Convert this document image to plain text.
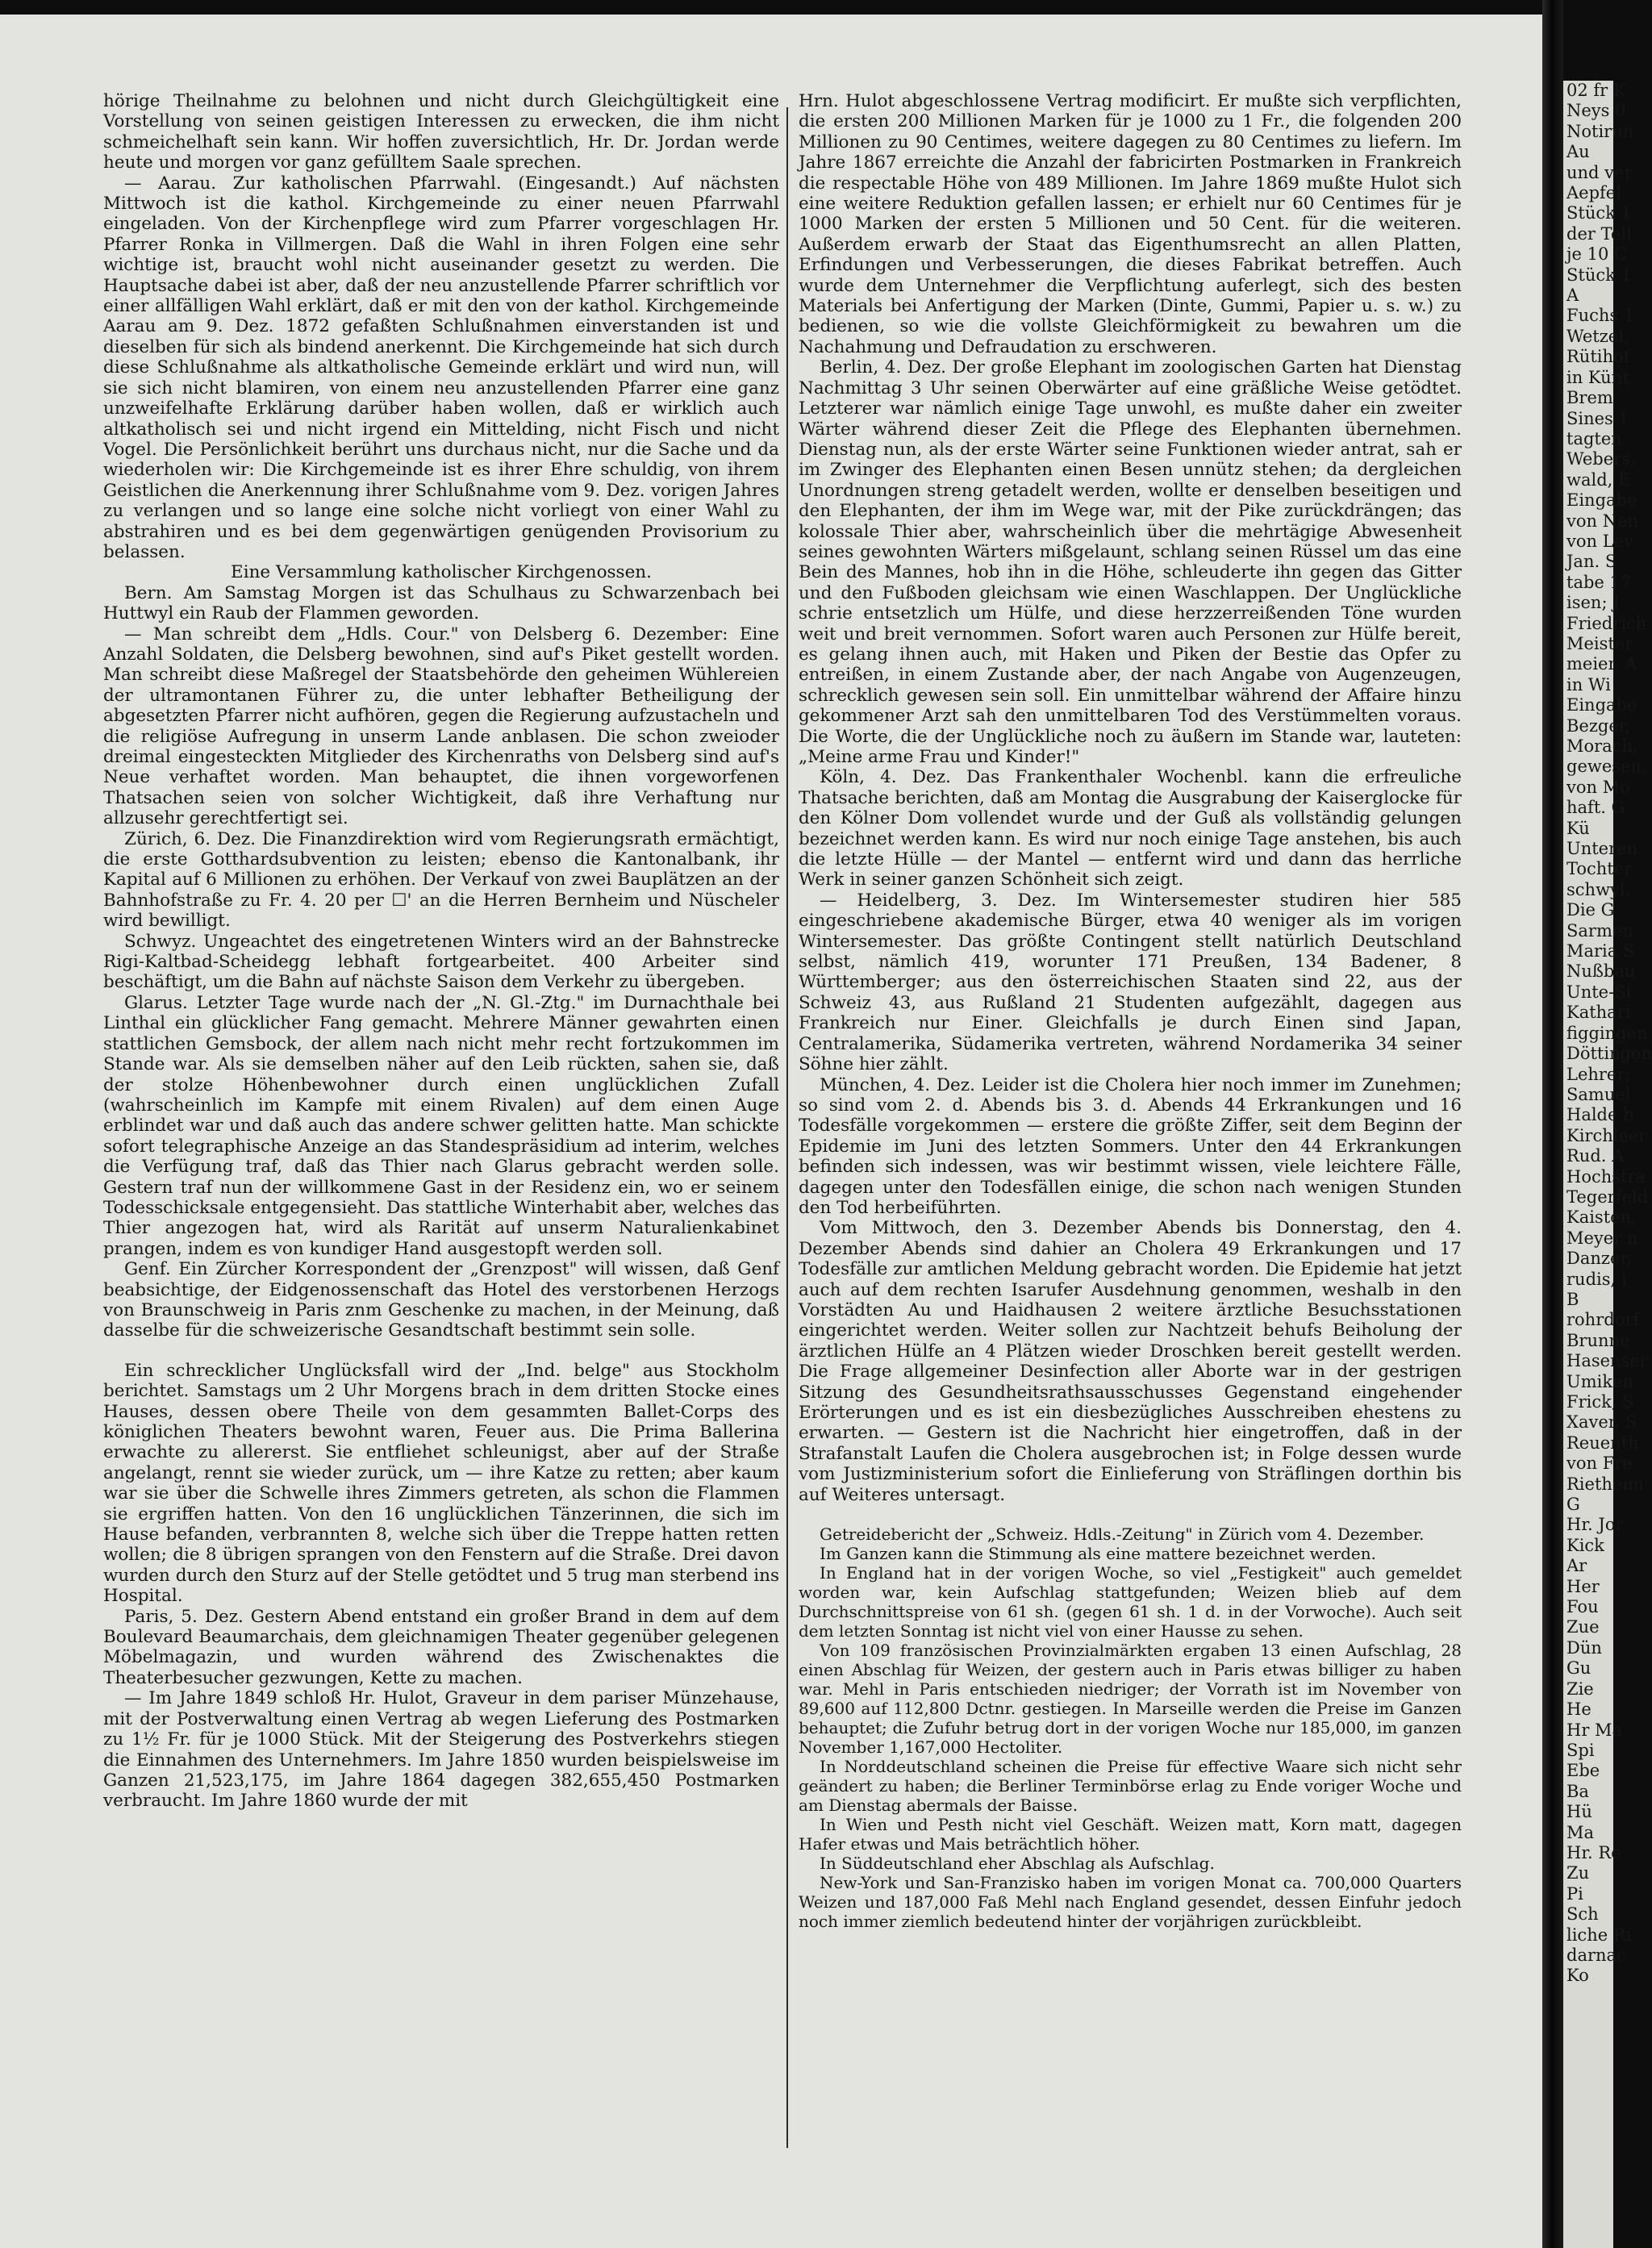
hörige Theilnahme zu belohnen und nicht durch Gleichgültigkeit eine Vorstellung von seinen geistigen Interessen zu erwecken, die ihm nicht schmeichelhaft sein kann. Wir hoffen zuversichtlich, Hr. Dr. Jordan werde heute und morgen vor ganz gefülltem Saale sprechen.

— Aarau. Zur katholischen Pfarrwahl. (Eingesandt.) Auf nächsten Mittwoch ist die kathol. Kirchgemeinde zu einer neuen Pfarrwahl eingeladen. Von der Kirchenpflege wird zum Pfarrer vorgeschlagen Hr. Pfarrer Ronka in Villmergen. Daß die Wahl in ihren Folgen eine sehr wichtige ist, braucht wohl nicht auseinander gesetzt zu werden. Die Hauptsache dabei ist aber, daß der neu anzustellende Pfarrer schriftlich vor einer allfälligen Wahl erklärt, daß er mit den von der kathol. Kirchgemeinde Aarau am 9. Dez. 1872 gefaßten Schlußnahmen einverstanden ist und dieselben für sich als bindend anerkennt. Die Kirchgemeinde hat sich durch diese Schlußnahme als altkatholische Gemeinde erklärt und wird nun, will sie sich nicht blamiren, von einem neu anzustellenden Pfarrer eine ganz unzweifelhafte Erklärung darüber haben wollen, daß er wirklich auch altkatholisch sei und nicht irgend ein Mittelding, nicht Fisch und nicht Vogel. Die Persönlichkeit berührt uns durchaus nicht, nur die Sache und da wiederholen wir: Die Kirchgemeinde ist es ihrer Ehre schuldig, von ihrem Geistlichen die Anerkennung ihrer Schlußnahme vom 9. Dez. vorigen Jahres zu verlangen und so lange eine solche nicht vorliegt von einer Wahl zu abstrahiren und es bei dem gegenwärtigen genügenden Provisorium zu belassen.

Eine Versammlung katholischer Kirchgenossen.

Bern. Am Samstag Morgen ist das Schulhaus zu Schwarzenbach bei Huttwyl ein Raub der Flammen geworden.

— Man schreibt dem „Hdls. Cour." von Delsberg 6. Dezember: Eine Anzahl Soldaten, die Delsberg bewohnen, sind auf's Piket gestellt worden. Man schreibt diese Maßregel der Staatsbehörde den geheimen Wühlereien der ultramontanen Führer zu, die unter lebhafter Betheiligung der abgesetzten Pfarrer nicht aufhören, gegen die Regierung aufzustacheln und die religiöse Aufregung in unserm Lande anblasen. Die schon zweioder dreimal eingesteckten Mitglieder des Kirchenraths von Delsberg sind auf's Neue verhaftet worden. Man behauptet, die ihnen vorgeworfenen Thatsachen seien von solcher Wichtigkeit, daß ihre Verhaftung nur allzusehr gerechtfertigt sei.

Zürich, 6. Dez. Die Finanzdirektion wird vom Regierungsrath ermächtigt, die erste Gotthardsubvention zu leisten; ebenso die Kantonalbank, ihr Kapital auf 6 Millionen zu erhöhen. Der Verkauf von zwei Bauplätzen an der Bahnhofstraße zu Fr. 4. 20 per ☐' an die Herren Bernheim und Nüscheler wird bewilligt.

Schwyz. Ungeachtet des eingetretenen Winters wird an der Bahnstrecke Rigi-Kaltbad-Scheidegg lebhaft fortgearbeitet. 400 Arbeiter sind beschäftigt, um die Bahn auf nächste Saison dem Verkehr zu übergeben.

Glarus. Letzter Tage wurde nach der „N. Gl.-Ztg." im Durnachthale bei Linthal ein glücklicher Fang gemacht. Mehrere Männer gewahrten einen stattlichen Gemsbock, der allem nach nicht mehr recht fortzukommen im Stande war. Als sie demselben näher auf den Leib rückten, sahen sie, daß der stolze Höhenbewohner durch einen unglücklichen Zufall (wahrscheinlich im Kampfe mit einem Rivalen) auf dem einen Auge erblindet war und daß auch das andere schwer gelitten hatte. Man schickte sofort telegraphische Anzeige an das Standespräsidium ad interim, welches die Verfügung traf, daß das Thier nach Glarus gebracht werden solle. Gestern traf nun der willkommene Gast in der Residenz ein, wo er seinem Todesschicksale entgegensieht. Das stattliche Winterhabit aber, welches das Thier angezogen hat, wird als Rarität auf unserm Naturalienkabinet prangen, indem es von kundiger Hand ausgestopft werden soll.

Genf. Ein Zürcher Korrespondent der „Grenzpost" will wissen, daß Genf beabsichtige, der Eidgenossenschaft das Hotel des verstorbenen Herzogs von Braunschweig in Paris znm Geschenke zu machen, in der Meinung, daß dasselbe für die schweizerische Gesandtschaft bestimmt sein solle.

Ein schrecklicher Unglücksfall wird der „Ind. belge" aus Stockholm berichtet. Samstags um 2 Uhr Morgens brach in dem dritten Stocke eines Hauses, dessen obere Theile von dem gesammten Ballet-Corps des königlichen Theaters bewohnt waren, Feuer aus. Die Prima Ballerina erwachte zu allererst. Sie entfliehet schleunigst, aber auf der Straße angelangt, rennt sie wieder zurück, um — ihre Katze zu retten; aber kaum war sie über die Schwelle ihres Zimmers getreten, als schon die Flammen sie ergriffen hatten. Von den 16 unglücklichen Tänzerinnen, die sich im Hause befanden, verbrannten 8, welche sich über die Treppe hatten retten wollen; die 8 übrigen sprangen von den Fenstern auf die Straße. Drei davon wurden durch den Sturz auf der Stelle getödtet und 5 trug man sterbend ins Hospital.

Paris, 5. Dez. Gestern Abend entstand ein großer Brand in dem auf dem Boulevard Beaumarchais, dem gleichnamigen Theater gegenüber gelegenen Möbelmagazin, und wurden während des Zwischenaktes die Theaterbesucher gezwungen, Kette zu machen.

— Im Jahre 1849 schloß Hr. Hulot, Graveur in dem pariser Münzehause, mit der Postverwaltung einen Vertrag ab wegen Lieferung des Postmarken zu 1½ Fr. für je 1000 Stück. Mit der Steigerung des Postverkehrs stiegen die Einnahmen des Unternehmers. Im Jahre 1850 wurden beispielsweise im Ganzen 21,523,175, im Jahre 1864 dagegen 382,655,450 Postmarken verbraucht. Im Jahre 1860 wurde der mit

Hrn. Hulot abgeschlossene Vertrag modificirt. Er mußte sich verpflichten, die ersten 200 Millionen Marken für je 1000 zu 1 Fr., die folgenden 200 Millionen zu 90 Centimes, weitere dagegen zu 80 Centimes zu liefern. Im Jahre 1867 erreichte die Anzahl der fabricirten Postmarken in Frankreich die respectable Höhe von 489 Millionen. Im Jahre 1869 mußte Hulot sich eine weitere Reduktion gefallen lassen; er erhielt nur 60 Centimes für je 1000 Marken der ersten 5 Millionen und 50 Cent. für die weiteren. Außerdem erwarb der Staat das Eigenthumsrecht an allen Platten, Erfindungen und Verbesserungen, die dieses Fabrikat betreffen. Auch wurde dem Unternehmer die Verpflichtung auferlegt, sich des besten Materials bei Anfertigung der Marken (Dinte, Gummi, Papier u. s. w.) zu bedienen, so wie die vollste Gleichförmigkeit zu bewahren um die Nachahmung und Defraudation zu erschweren.

Berlin, 4. Dez. Der große Elephant im zoologischen Garten hat Dienstag Nachmittag 3 Uhr seinen Oberwärter auf eine gräßliche Weise getödtet. Letzterer war nämlich einige Tage unwohl, es mußte daher ein zweiter Wärter während dieser Zeit die Pflege des Elephanten übernehmen. Dienstag nun, als der erste Wärter seine Funktionen wieder antrat, sah er im Zwinger des Elephanten einen Besen unnütz stehen; da dergleichen Unordnungen streng getadelt werden, wollte er denselben beseitigen und den Elephanten, der ihm im Wege war, mit der Pike zurückdrängen; das kolossale Thier aber, wahrscheinlich über die mehrtägige Abwesenheit seines gewohnten Wärters mißgelaunt, schlang seinen Rüssel um das eine Bein des Mannes, hob ihn in die Höhe, schleuderte ihn gegen das Gitter und den Fußboden gleichsam wie einen Waschlappen. Der Unglückliche schrie entsetzlich um Hülfe, und diese herzzerreißenden Töne wurden weit und breit vernommen. Sofort waren auch Personen zur Hülfe bereit, es gelang ihnen auch, mit Haken und Piken der Bestie das Opfer zu entreißen, in einem Zustande aber, der nach Angabe von Augenzeugen, schrecklich gewesen sein soll. Ein unmittelbar während der Affaire hinzu gekommener Arzt sah den unmittelbaren Tod des Verstümmelten voraus. Die Worte, die der Unglückliche noch zu äußern im Stande war, lauteten: „Meine arme Frau und Kinder!"

Köln, 4. Dez. Das Frankenthaler Wochenbl. kann die erfreuliche Thatsache berichten, daß am Montag die Ausgrabung der Kaiserglocke für den Kölner Dom vollendet wurde und der Guß als vollständig gelungen bezeichnet werden kann. Es wird nur noch einige Tage anstehen, bis auch die letzte Hülle — der Mantel — entfernt wird und dann das herrliche Werk in seiner ganzen Schönheit sich zeigt.

— Heidelberg, 3. Dez. Im Wintersemester studiren hier 585 eingeschriebene akademische Bürger, etwa 40 weniger als im vorigen Wintersemester. Das größte Contingent stellt natürlich Deutschland selbst, nämlich 419, worunter 171 Preußen, 134 Badener, 8 Württemberger; aus den österreichischen Staaten sind 22, aus der Schweiz 43, aus Rußland 21 Studenten aufgezählt, dagegen aus Frankreich nur Einer. Gleichfalls je durch Einen sind Japan, Centralamerika, Südamerika vertreten, während Nordamerika 34 seiner Söhne hier zählt.

München, 4. Dez. Leider ist die Cholera hier noch immer im Zunehmen; so sind vom 2. d. Abends bis 3. d. Abends 44 Erkrankungen und 16 Todesfälle vorgekommen — erstere die größte Ziffer, seit dem Beginn der Epidemie im Juni des letzten Sommers. Unter den 44 Erkrankungen befinden sich indessen, was wir bestimmt wissen, viele leichtere Fälle, dagegen unter den Todesfällen einige, die schon nach wenigen Stunden den Tod herbeiführten.

Vom Mittwoch, den 3. Dezember Abends bis Donnerstag, den 4. Dezember Abends sind dahier an Cholera 49 Erkrankungen und 17 Todesfälle zur amtlichen Meldung gebracht worden. Die Epidemie hat jetzt auch auf dem rechten Isarufer Ausdehnung genommen, weshalb in den Vorstädten Au und Haidhausen 2 weitere ärztliche Besuchsstationen eingerichtet werden. Weiter sollen zur Nachtzeit behufs Beiholung der ärztlichen Hülfe an 4 Plätzen wieder Droschken bereit gestellt werden. Die Frage allgemeiner Desinfection aller Aborte war in der gestrigen Sitzung des Gesundheitsrathsausschusses Gegenstand eingehender Erörterungen und es ist ein diesbezügliches Ausschreiben ehestens zu erwarten. — Gestern ist die Nachricht hier eingetroffen, daß in der Strafanstalt Laufen die Cholera ausgebrochen ist; in Folge dessen wurde vom Justizministerium sofort die Einlieferung von Sträflingen dorthin bis auf Weiteres untersagt.

Getreidebericht der „Schweiz. Hdls.-Zeitung" in Zürich vom 4. Dezember.

Im Ganzen kann die Stimmung als eine mattere bezeichnet werden.

In England hat in der vorigen Woche, so viel „Festigkeit" auch gemeldet worden war, kein Aufschlag stattgefunden; Weizen blieb auf dem Durchschnittspreise von 61 sh. (gegen 61 sh. 1 d. in der Vorwoche). Auch seit dem letzten Sonntag ist nicht viel von einer Hausse zu sehen.

Von 109 französischen Provinzialmärkten ergaben 13 einen Aufschlag, 28 einen Abschlag für Weizen, der gestern auch in Paris etwas billiger zu haben war. Mehl in Paris entschieden niedriger; der Vorrath ist im November von 89,600 auf 112,800 Dctnr. gestiegen. In Marseille werden die Preise im Ganzen behauptet; die Zufuhr betrug dort in der vorigen Woche nur 185,000, im ganzen November 1,167,000 Hectoliter.

In Norddeutschland scheinen die Preise für effective Waare sich nicht sehr geändert zu haben; die Berliner Terminbörse erlag zu Ende voriger Woche und am Dienstag abermals der Baisse.

In Wien und Pesth nicht viel Geschäft. Weizen matt, Korn matt, dagegen Hafer etwas und Mais beträchtlich höher.

In Süddeutschland eher Abschlag als Aufschlag.

New-York und San-Franzisko haben im vorigen Monat ca. 700,000 Quarters Weizen und 187,000 Faß Mehl nach England gesendet, dessen Einfuhr jedoch noch immer ziemlich bedeutend hinter der vorjährigen zurückbleibt.

02 fr K

Neys 0

Notirun

Au

und ver

Aepfel

Stück 1

der Tell

je 10 C

Stück 1

A

Fuchs 1

Wetzel,

Rütihof

in Künt

Brem

Sines 1

tagten

Webers,

wald, E

Eingabe

von Nen

von Lev

Jan. S

tabe 17

isen; J

Friedrich

Meister

meier, A

in Wi

Eingabe

Bezger,

Morach,

gewesen,

von Mo

haft. G

Kü

Unteren

Tochter

schwyl,

Die G

Sarmen

Maria S

Nußbau

Unte-Si

Kathari

figgingen

Döttingen

Lehrer;

Samuel

Halde b

Kirchleer

Rud. A

Hochstra

Tegerfeld

Kaisten,

Meyer n

Danzer,

rudis, i

B

rohrdorf

Brunne

Hasenser

Umiken

Frick, S

Xaver, S

Reuenth

von Fre

Rietheim

G

Hr. Jor

Kick

Ar

Her

Fou

Zue

Dün

Gu

Zie

He

Hr Ma

Spi

Ebe

Ba

Hü

Ma

Hr. Re

Zu

Pi

Sch

liche Ri

darnac

Ko
